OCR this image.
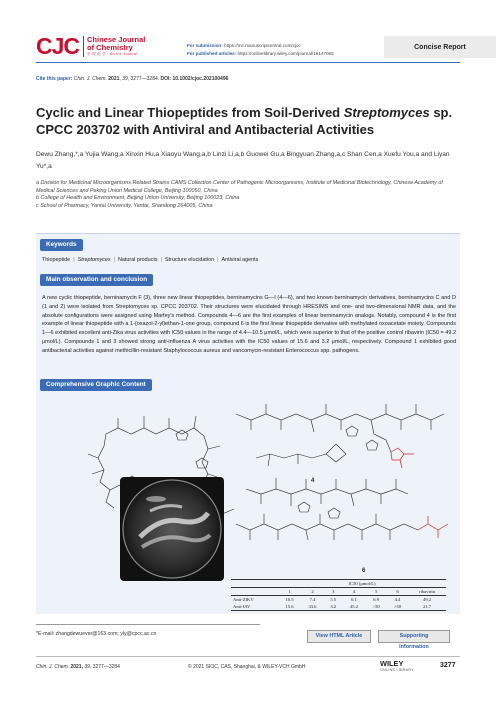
CJC Chinese Journal
of Chemistry
中 国 化 学 · An Int. Journal
For submission: https://mc.manuscriptcentral.com/cjoc
For published articles: https://onlinelibrary.wiley.com/journal/16147065
Concise Report
Cite this paper: Chin. J. Chem. 2021, 39, 3277—3284. DOI: 10.1002/cjoc.202100496
Cyclic and Linear Thiopeptides from Soil-Derived Streptomyces sp. CPCC 203702 with Antiviral and Antibacterial Activities
Dewu Zhang,*,a Yujia Wang,a Xinxin Hu,a Xiaoyu Wang,a,b Linzi Li,a,b Guowei Gu,a Bingyuan Zhang,a,c Shan Cen,a Xuefu You,a and Liyan Yu*,a
a Division for Medicinal Microorganisms Related Strains CAMS Collection Center of Pathogenic Microorganisms, Institute of Medicinal Biotechnology, Chinese Academy of Medical Sciences and Peking Union Medical College, Beijing 100050, China
b College of Health and Environment, Beijing Union University, Beijing 100023, China
c School of Pharmacy, Yantai University, Yantai, Shandong 264005, China
Keywords
Thiopeptide | Streptomyces | Natural products | Structure elucidation | Antiviral agents
Main observation and conclusion
A new cyclic thiopeptide, berninamycin F (3), three new linear thiopeptides, berninamycins G—I (4—6), and two known berninamycin derivatives, berninamycins C and D (1 and 2) were isolated from Streptomyces sp. CPCC 203702. Their structures were elucidated through HRESIMS and one- and two-dimensional NMR data, and the absolute configurations were assigned using Marfey's method. Compounds 4—6 are the first examples of linear berninamycin analogs. Notably, compound 4 is the first example of linear thiopeptide with a 1-(oxazol-2-yl)ethan-1-one group, compound 6 is the first linear thiopeptide derivative with methylated oxoacetate moiety. Compounds 1—6 exhibited excellent anti-Zika virus activities with IC50 values in the range of 4.4—10.5 μmol/L, which were superior to that of the positive control ribavirin (IC50 = 49.2 μmol/L). Compounds 1 and 3 showed strong anti-influenza A virus activities with the IC50 values of 15.6 and 3.2 μmol/L, respectively. Compound 1 exhibited good antibacterial activities against methicillin-resistant Staphylococcus aureus and vancomycin-resistant Enterococcus spp. pathogens.
Comprehensive Graphic Content
4
6
	IC50 (μmol/L)						
	1	2	3	4	5	6	ribavirin
Anti-ZIKV	10.5	7.4	5.5	6.1	6.9	4.4	49.2
Anti-IAV	15.6	33.6	3.2	45.2	>50	>50	21.7
*E-mail: zhangdewuever@163.com; yly@cpcc.ac.cn	View HTML Article	Supporting Information
Chin. J. Chem. 2021, 39, 3277—3284	© 2021 SIOC, CAS, Shanghai, & WILEY-VCH GmbH	WILEY
ONLINE LIBRARY
3277
